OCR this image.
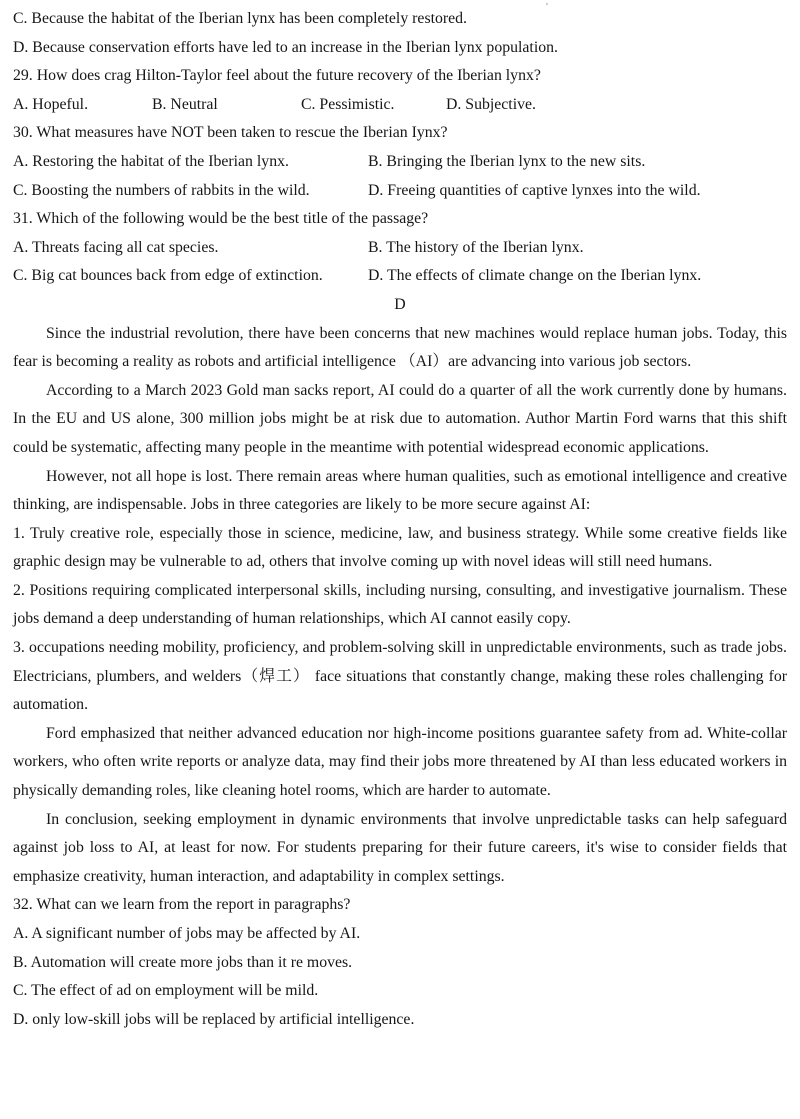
'
C. Because the habitat of the Iberian lynx has been completely restored.
D. Because conservation efforts have led to an increase in the Iberian lynx population.
29. How does crag Hilton-Taylor feel about the future recovery of the Iberian lynx?
A. Hopeful.	B. Neutral	C. Pessimistic.	D. Subjective.
30. What measures have NOT been taken to rescue the Iberian Iynx?
A. Restoring the habitat of the Iberian lynx.	B. Bringing the Iberian lynx to the new sits.
C. Boosting the numbers of rabbits in the wild.	D. Freeing quantities of captive lynxes into the wild.
31. Which of the following would be the best title of the passage?
A. Threats facing all cat species.	B. The history of the Iberian lynx.
C. Big cat bounces back from edge of extinction.	D. The effects of climate change on the Iberian lynx.
D
Since the industrial revolution, there have been concerns that new machines would replace human jobs. Today, this fear is becoming a reality as robots and artificial intelligence （AI）are advancing into various job sectors.
According to a March 2023 Gold man sacks report, AI could do a quarter of all the work currently done by humans. In the EU and US alone, 300 million jobs might be at risk due to automation. Author Martin Ford warns that this shift could be systematic, affecting many people in the meantime with potential widespread economic applications.
However, not all hope is lost. There remain areas where human qualities, such as emotional intelligence and creative thinking, are indispensable. Jobs in three categories are likely to be more secure against AI:
1. Truly creative role, especially those in science, medicine, law, and business strategy. While some creative fields like graphic design may be vulnerable to ad, others that involve coming up with novel ideas will still need humans.
2. Positions requiring complicated interpersonal skills, including nursing, consulting, and investigative journalism. These jobs demand a deep understanding of human relationships, which AI cannot easily copy.
3. occupations needing mobility, proficiency, and problem-solving skill in unpredictable environments, such as trade jobs. Electricians, plumbers, and welders（焊工） face situations that constantly change, making these roles challenging for automation.
Ford emphasized that neither advanced education nor high-income positions guarantee safety from ad. White-collar workers, who often write reports or analyze data, may find their jobs more threatened by AI than less educated workers in physically demanding roles, like cleaning hotel rooms, which are harder to automate.
In conclusion, seeking employment in dynamic environments that involve unpredictable tasks can help safeguard against job loss to AI, at least for now. For students preparing for their future careers, it's wise to consider fields that emphasize creativity, human interaction, and adaptability in complex settings.
32. What can we learn from the report in paragraphs?
A. A significant number of jobs may be affected by AI.
B. Automation will create more jobs than it re moves.
C. The effect of ad on employment will be mild.
D. only low-skill jobs will be replaced by artificial intelligence.
